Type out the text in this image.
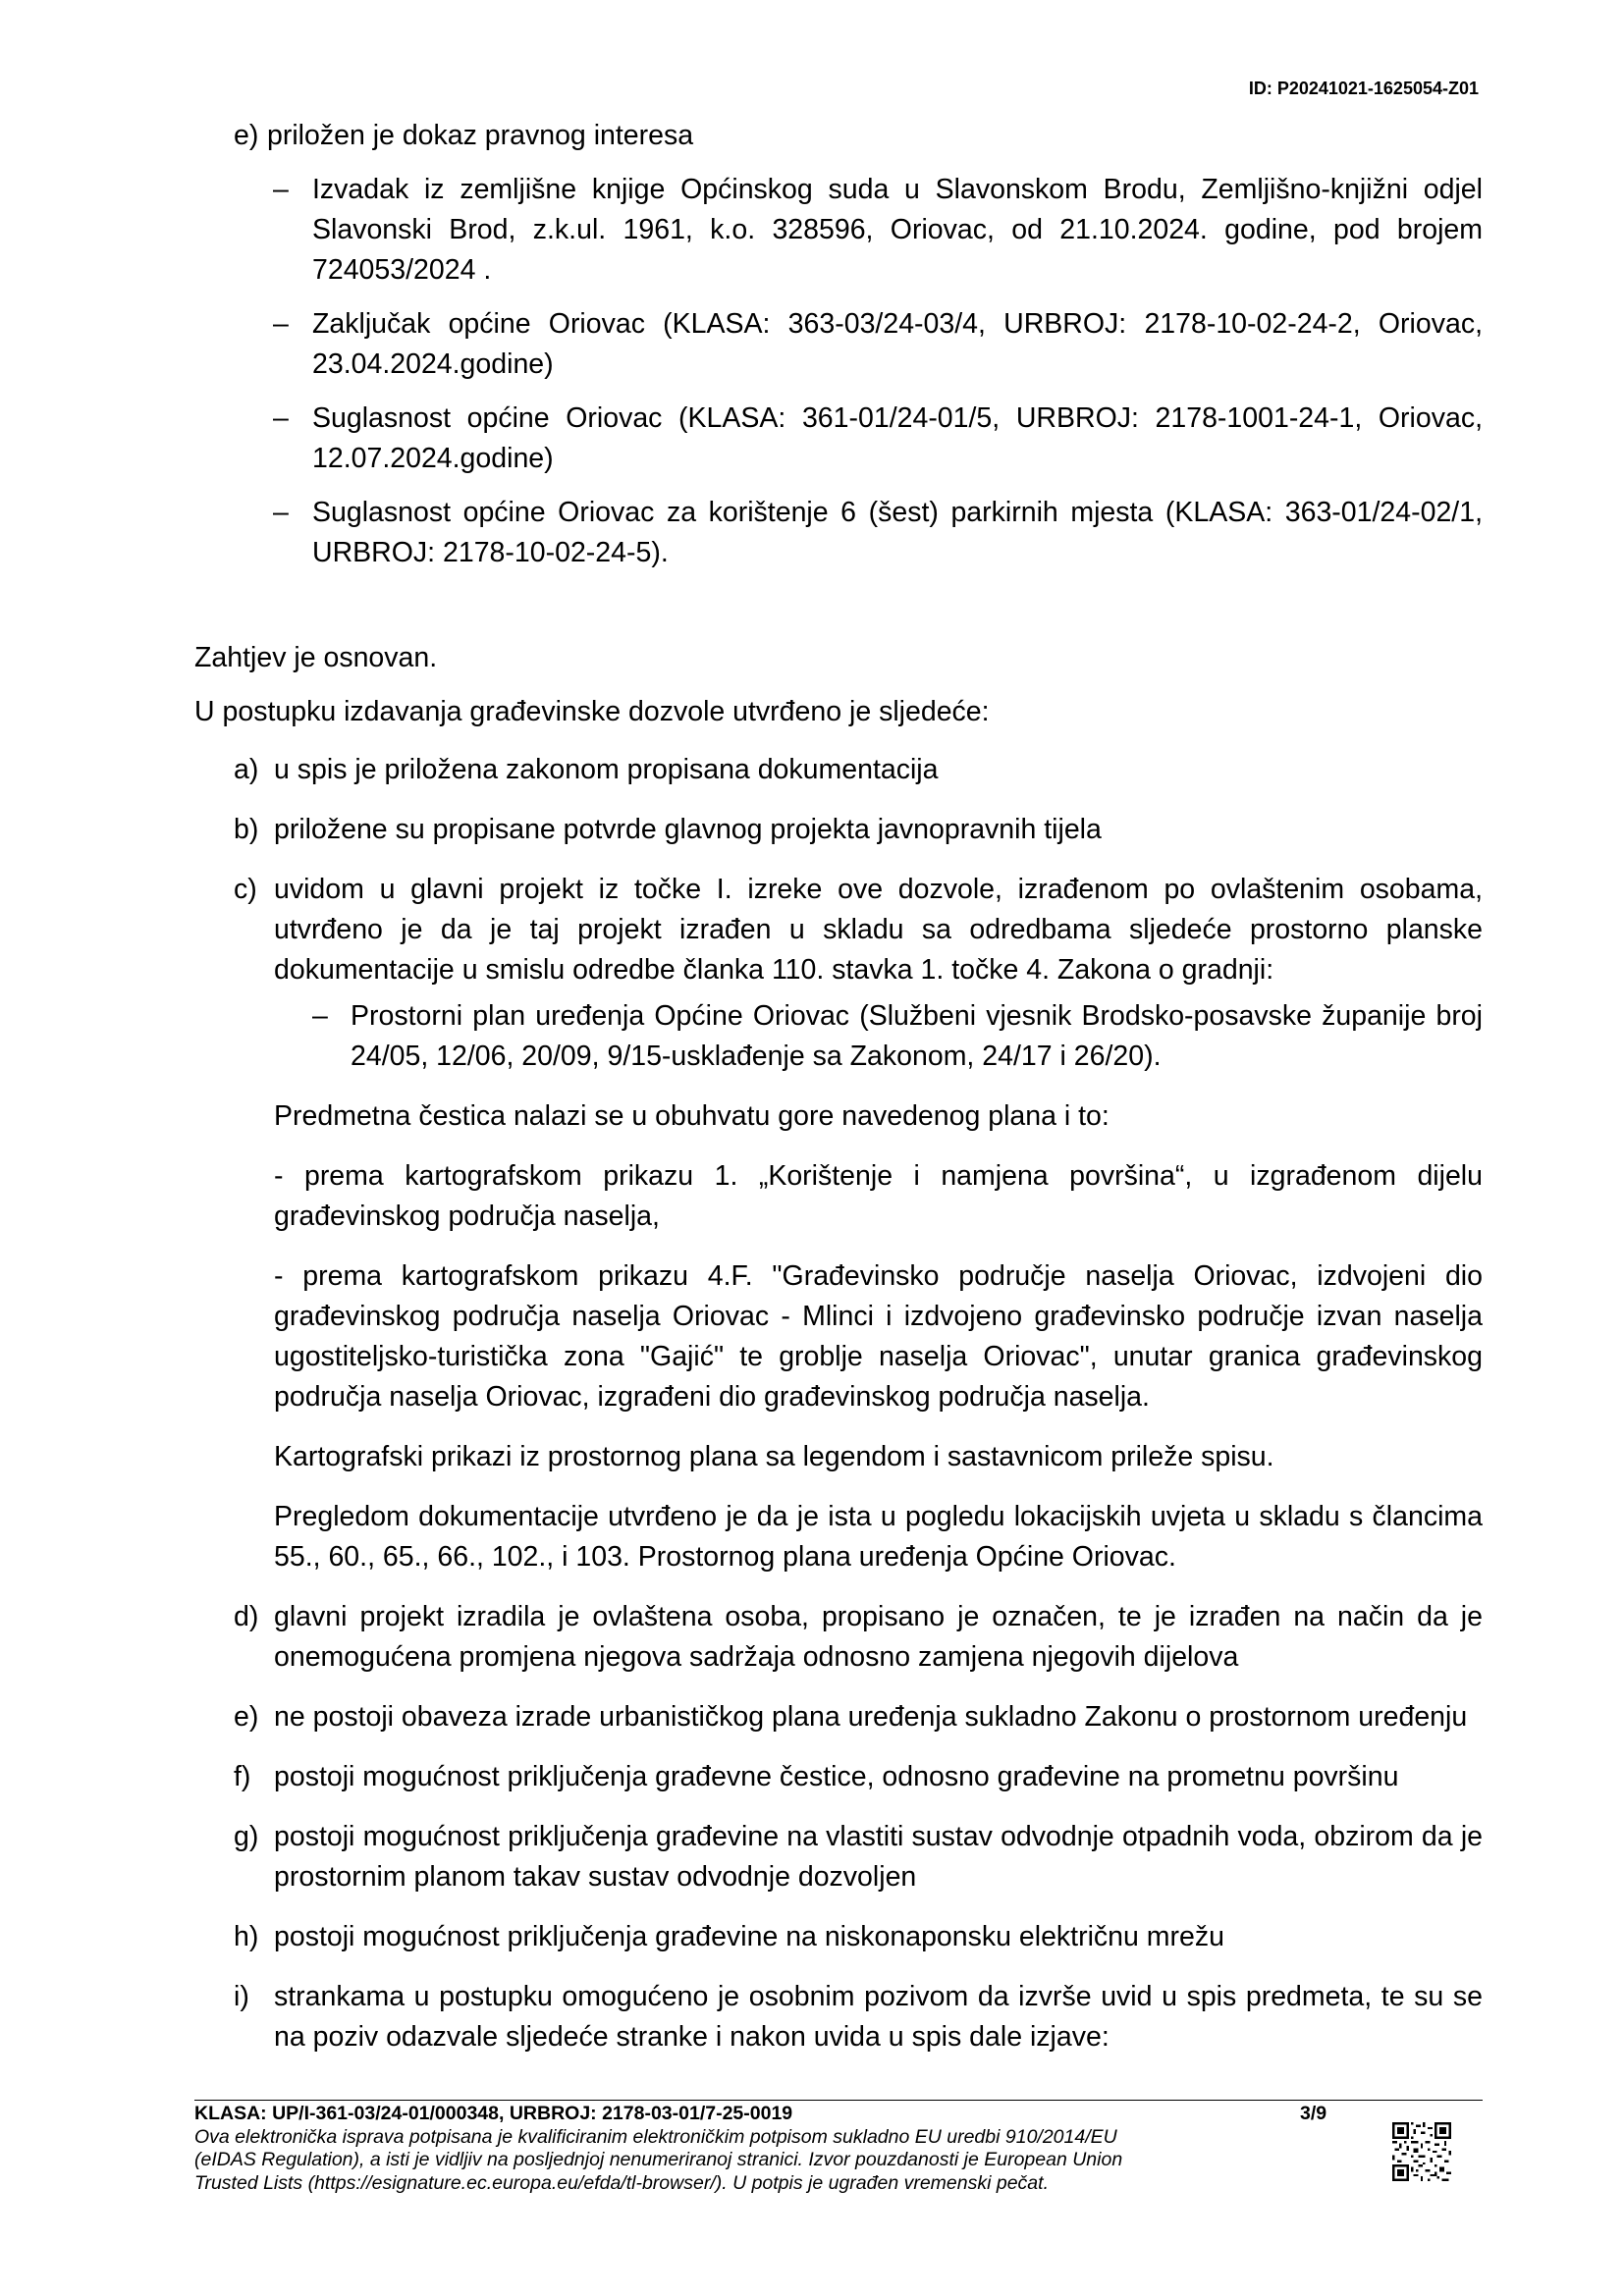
ID: P20241021-1625054-Z01
e) priložen je dokaz pravnog interesa
– Izvadak iz zemljišne knjige Općinskog suda u Slavonskom Brodu, Zemljišno-knjižni odjel Slavonski Brod, z.k.ul. 1961, k.o. 328596, Oriovac, od 21.10.2024. godine, pod brojem 724053/2024 .
– Zaključak općine Oriovac (KLASA: 363-03/24-03/4, URBROJ: 2178-10-02-24-2, Oriovac, 23.04.2024.godine)
– Suglasnost općine Oriovac (KLASA: 361-01/24-01/5, URBROJ: 2178-1001-24-1, Oriovac, 12.07.2024.godine)
– Suglasnost općine Oriovac za korištenje 6 (šest) parkirnih mjesta (KLASA: 363-01/24-02/1, URBROJ: 2178-10-02-24-5).
Zahtjev je osnovan.
U postupku izdavanja građevinske dozvole utvrđeno je sljedeće:
a) u spis je priložena zakonom propisana dokumentacija
b) priložene su propisane potvrde glavnog projekta javnopravnih tijela
c) uvidom u glavni projekt iz točke I. izreke ove dozvole, izrađenom po ovlaštenim osobama, utvrđeno je da je taj projekt izrađen u skladu sa odredbama sljedeće prostorno planske dokumentacije u smislu odredbe članka 110. stavka 1. točke 4. Zakona o gradnji:
– Prostorni plan uređenja Općine Oriovac (Službeni vjesnik Brodsko-posavske županije broj 24/05, 12/06, 20/09, 9/15-usklađenje sa Zakonom, 24/17 i 26/20).
Predmetna čestica nalazi se u obuhvatu gore navedenog plana i to:
- prema kartografskom prikazu 1. „Korištenje i namjena površina“, u izgrađenom dijelu građevinskog područja naselja,
- prema kartografskom prikazu 4.F. "Građevinsko područje naselja Oriovac, izdvojeni dio građevinskog područja naselja Oriovac - Mlinci i izdvojeno građevinsko područje izvan naselja ugostiteljsko-turistička zona "Gajić" te groblje naselja Oriovac", unutar granica građevinskog područja naselja Oriovac, izgrađeni dio građevinskog područja naselja.
Kartografski prikazi iz prostornog plana sa legendom i sastavnicom prileže spisu.
Pregledom dokumentacije utvrđeno je da je ista u pogledu lokacijskih uvjeta u skladu s člancima 55., 60., 65., 66., 102., i 103. Prostornog plana uređenja Općine Oriovac.
d) glavni projekt izradila je ovlaštena osoba, propisano je označen, te je izrađen na način da je onemogućena promjena njegova sadržaja odnosno zamjena njegovih dijelova
e) ne postoji obaveza izrade urbanističkog plana uređenja sukladno Zakonu o prostornom uređenju
f) postoji mogućnost priključenja građevne čestice, odnosno građevine na prometnu površinu
g) postoji mogućnost priključenja građevine na vlastiti sustav odvodnje otpadnih voda, obzirom da je prostornim planom takav sustav odvodnje dozvoljen
h) postoji mogućnost priključenja građevine na niskonaponsku električnu mrežu
i) strankama u postupku omogućeno je osobnim pozivom da izvrše uvid u spis predmeta, te su se na poziv odazvale sljedeće stranke i nakon uvida u spis dale izjave:
KLASA: UP/I-361-03/24-01/000348, URBROJ: 2178-03-01/7-25-0019	3/9
Ova elektronička isprava potpisana je kvalificiranim elektroničkim potpisom sukladno EU uredbi 910/2014/EU
(eIDAS Regulation), a isti je vidljiv na posljednjoj nenumeriranoj stranici. Izvor pouzdanosti je European Union
Trusted Lists (https://esignature.ec.europa.eu/efda/tl-browser/). U potpis je ugrađen vremenski pečat.
